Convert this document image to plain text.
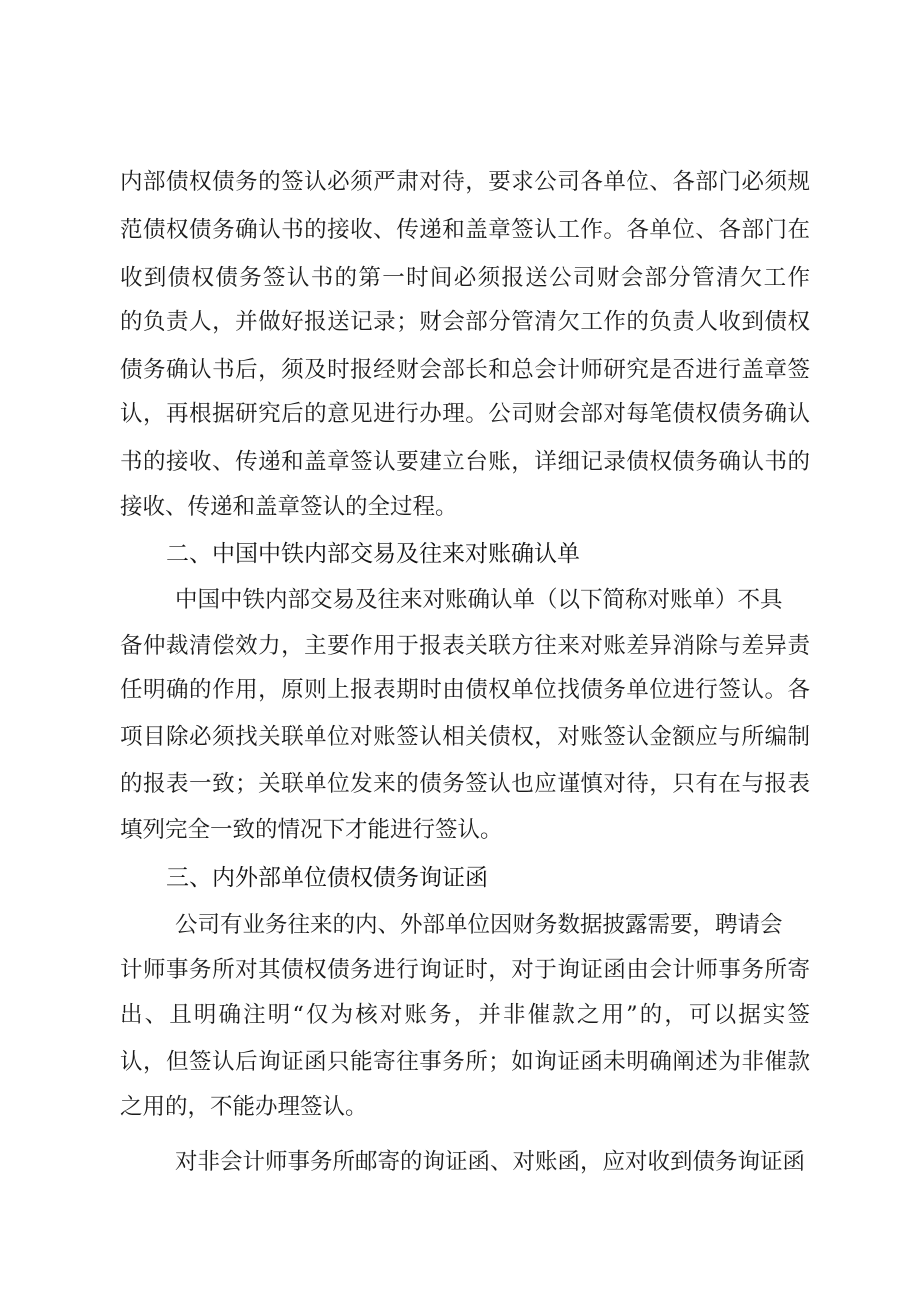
内部债权债务的签认必须严肃对待，要求公司各单位、各部门必须规
范债权债务确认书的接收、传递和盖章签认工作。各单位、各部门在
收到债权债务签认书的第一时间必须报送公司财会部分管清欠工作
的负责人，并做好报送记录；财会部分管清欠工作的负责人收到债权
债务确认书后，须及时报经财会部长和总会计师研究是否进行盖章签
认，再根据研究后的意见进行办理。公司财会部对每笔债权债务确认
书的接收、传递和盖章签认要建立台账，详细记录债权债务确认书的
接收、传递和盖章签认的全过程。
二、中国中铁内部交易及往来对账确认单
中国中铁内部交易及往来对账确认单（以下简称对账单）不具
备仲裁清偿效力，主要作用于报表关联方往来对账差异消除与差异责
任明确的作用，原则上报表期时由债权单位找债务单位进行签认。各
项目除必须找关联单位对账签认相关债权，对账签认金额应与所编制
的报表一致；关联单位发来的债务签认也应谨慎对待，只有在与报表
填列完全一致的情况下才能进行签认。
三、内外部单位债权债务询证函
公司有业务往来的内、外部单位因财务数据披露需要，聘请会
计师事务所对其债权债务进行询证时，对于询证函由会计师事务所寄
出、且明确注明“仅为核对账务，并非催款之用”的，可以据实签
认，但签认后询证函只能寄往事务所；如询证函未明确阐述为非催款
之用的，不能办理签认。
对非会计师事务所邮寄的询证函、对账函，应对收到债务询证函
